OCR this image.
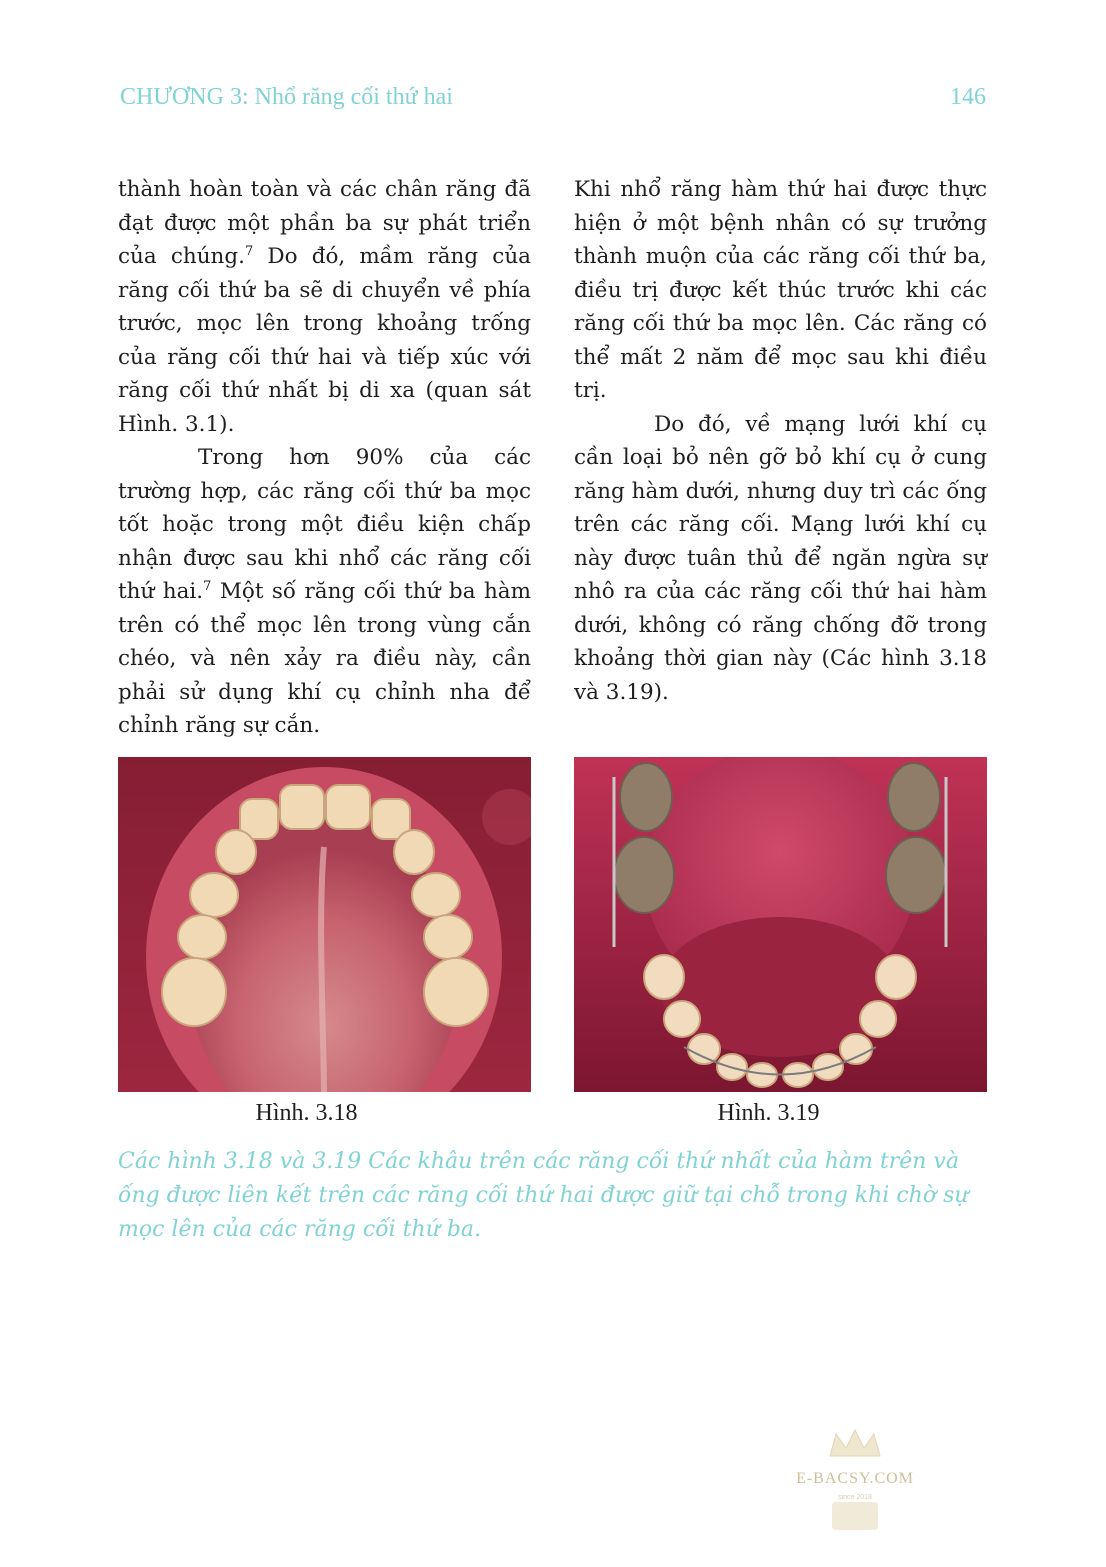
CHƯƠNG 3: Nhổ răng cối thứ hai	146

thành hoàn toàn và các chân răng đã đạt được một phần ba sự phát triển của chúng.$^7$ Do đó, mầm răng của răng cối thứ ba sẽ di chuyển về phía trước, mọc lên trong khoảng trống của răng cối thứ hai và tiếp xúc với răng cối thứ nhất bị di xa (quan sát Hình. 3.1).

Trong hơn 90% của các trường hợp, các răng cối thứ ba mọc tốt hoặc trong một điều kiện chấp nhận được sau khi nhổ các răng cối thứ hai.$^7$ Một số răng cối thứ ba hàm trên có thể mọc lên trong vùng cắn chéo, và nên xảy ra điều này, cần phải sử dụng khí cụ chỉnh nha để chỉnh răng sự cắn.

Khi nhổ răng hàm thứ hai được thực hiện ở một bệnh nhân có sự trưởng thành muộn của các răng cối thứ ba, điều trị được kết thúc trước khi các răng cối thứ ba mọc lên. Các răng có thể mất 2 năm để mọc sau khi điều trị.

Do đó, về mạng lưới khí cụ cần loại bỏ nên gỡ bỏ khí cụ ở cung răng hàm dưới, nhưng duy trì các ống trên các răng cối. Mạng lưới khí cụ này được tuân thủ để ngăn ngừa sự nhô ra của các răng cối thứ hai hàm dưới, không có răng chống đỡ trong khoảng thời gian này (Các hình 3.18 và 3.19).

Hình. 3.18	Hình. 3.19
Các hình 3.18 và 3.19 Các khâu trên các răng cối thứ nhất của hàm trên và ống được liên kết trên các răng cối thứ hai được giữ tại chỗ trong khi chờ sự mọc lên của các răng cối thứ ba.
E-BACSY.COM
since 2018
